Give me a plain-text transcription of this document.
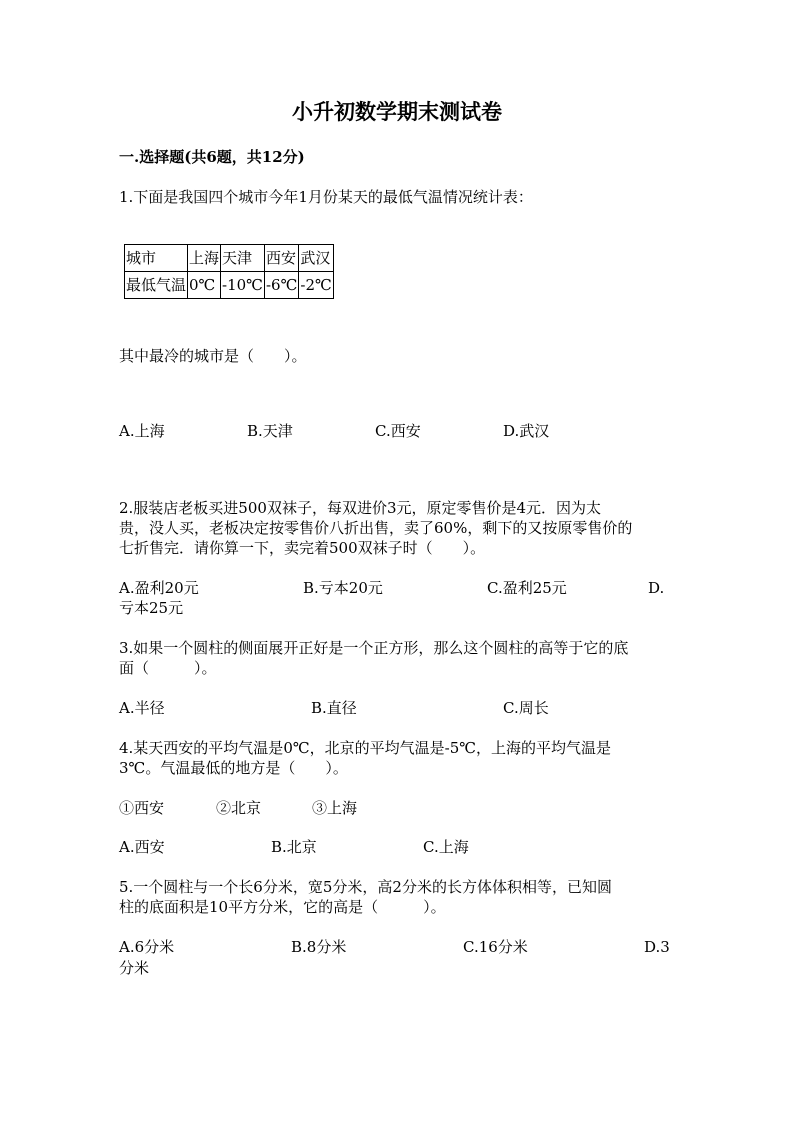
小升初数学期末测试卷
一.选择题(共6题，共12分)
1.下面是我国四个城市今年1月份某天的最低气温情况统计表：
城市	上海	天津	西安	武汉
最低气温	0℃	-10℃	-6℃	-2℃
其中最冷的城市是（　　）。
A.上海	B.天津	C.西安	D.武汉
2.服装店老板买进500双袜子，每双进价3元，原定零售价是4元．因为太
贵，没人买，老板决定按零售价八折出售，卖了60%，剩下的又按原零售价的
七折售完．请你算一下，卖完着500双袜子时（　　）。
A.盈利20元	B.亏本20元	C.盈利25元	D.
亏本25元
3.如果一个圆柱的侧面展开正好是一个正方形，那么这个圆柱的高等于它的底
面（　　　）。
A.半径	B.直径	C.周长
4.某天西安的平均气温是0℃，北京的平均气温是-5℃，上海的平均气温是
3℃。气温最低的地方是（　　）。
①西安	②北京	③上海
A.西安	B.北京	C.上海
5.一个圆柱与一个长6分米，宽5分米，高2分米的长方体体积相等，已知圆
柱的底面积是10平方分米，它的高是（　　　）。
A.6分米	B.8分米	C.16分米	D.3
分米
